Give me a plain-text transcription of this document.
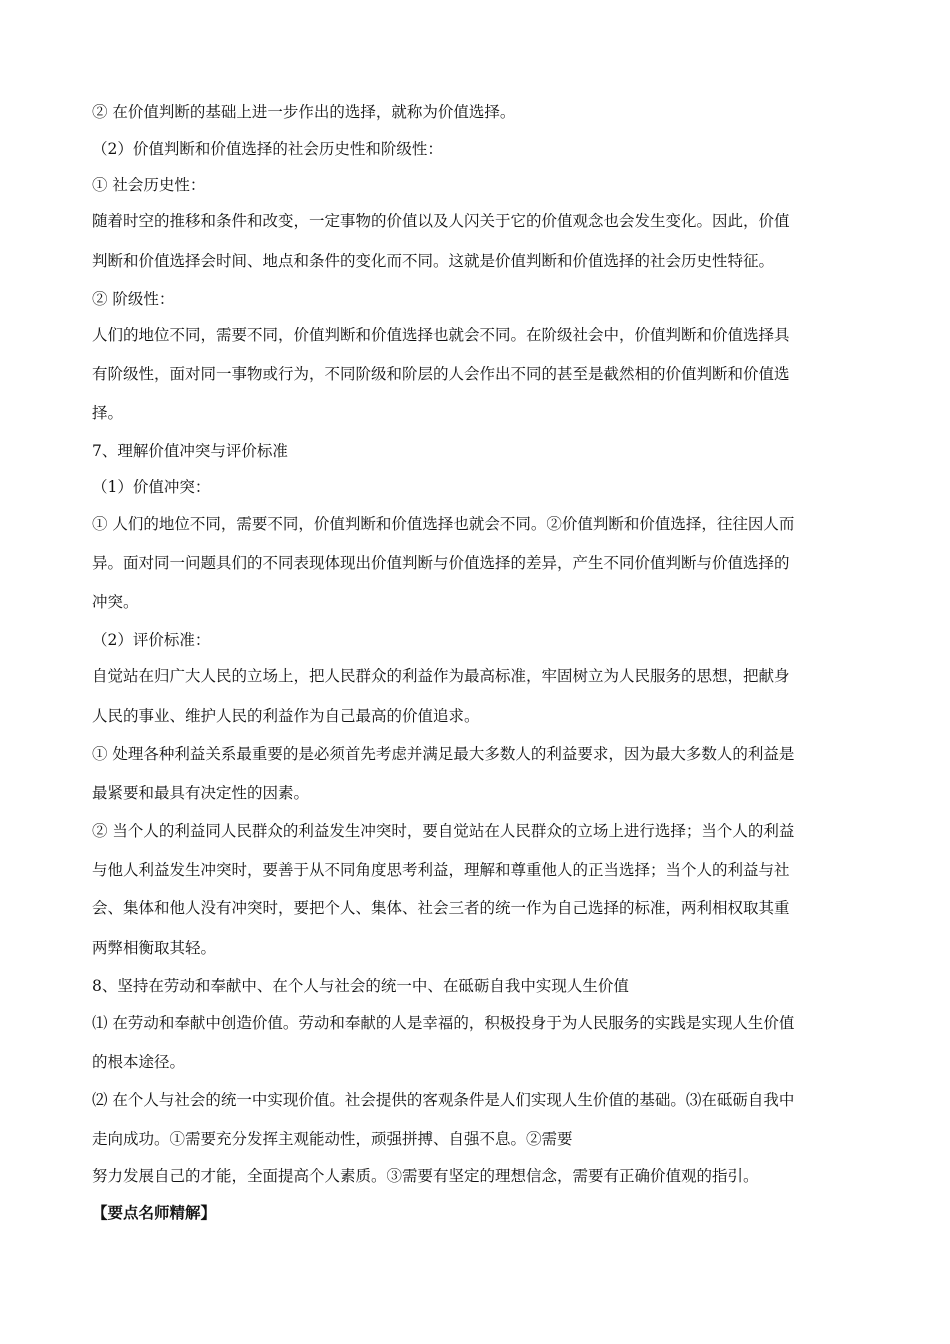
② 在价值判断的基础上进一步作出的选择，就称为价值选择。
（2）价值判断和价值选择的社会历史性和阶级性：
① 社会历史性：
随着时空的推移和条件和改变，一定事物的价值以及人闪关于它的价值观念也会发生变化。因此，价值
判断和价值选择会时间、地点和条件的变化而不同。这就是价值判断和价值选择的社会历史性特征。
② 阶级性：
人们的地位不同，需要不同，价值判断和价值选择也就会不同。在阶级社会中，价值判断和价值选择具
有阶级性，面对同一事物或行为，不同阶级和阶层的人会作出不同的甚至是截然相的价值判断和价值选
择。
7、理解价值冲突与评价标准
（1）价值冲突：
① 人们的地位不同，需要不同，价值判断和价值选择也就会不同。②价值判断和价值选择，往往因人而
异。面对同一问题具们的不同表现体现出价值判断与价值选择的差异，产生不同价值判断与价值选择的
冲突。
（2）评价标准：
自觉站在归广大人民的立场上，把人民群众的利益作为最高标准，牢固树立为人民服务的思想，把献身
人民的事业、维护人民的利益作为自己最高的价值追求。
① 处理各种利益关系最重要的是必须首先考虑并满足最大多数人的利益要求，因为最大多数人的利益是
最紧要和最具有决定性的因素。
② 当个人的利益同人民群众的利益发生冲突时，要自觉站在人民群众的立场上进行选择；当个人的利益
与他人利益发生冲突时，要善于从不同角度思考利益，理解和尊重他人的正当选择；当个人的利益与社
会、集体和他人没有冲突时，要把个人、集体、社会三者的统一作为自己选择的标准，两利相权取其重
两弊相衡取其轻。
8、坚持在劳动和奉献中、在个人与社会的统一中、在砥砺自我中实现人生价值
⑴ 在劳动和奉献中创造价值。劳动和奉献的人是幸福的，积极投身于为人民服务的实践是实现人生价值
的根本途径。
⑵ 在个人与社会的统一中实现价值。社会提供的客观条件是人们实现人生价值的基础。⑶在砥砺自我中
走向成功。①需要充分发挥主观能动性，顽强拼搏、自强不息。②需要
努力发展自己的才能，全面提高个人素质。③需要有坚定的理想信念，需要有正确价值观的指引。
【要点名师精解】
